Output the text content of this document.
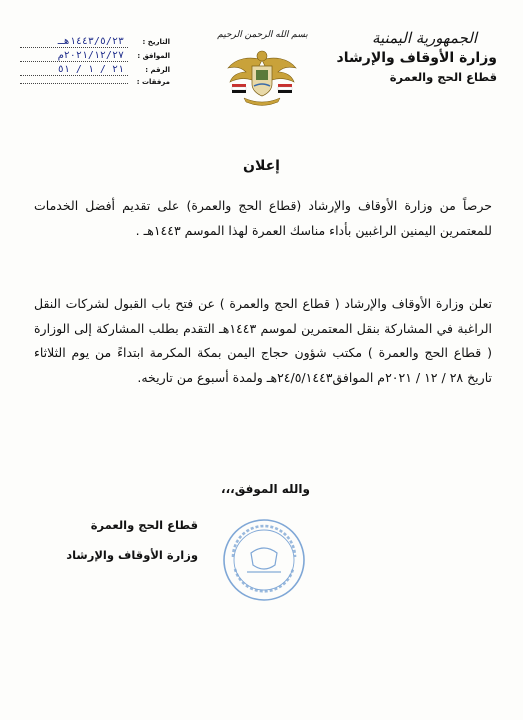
الجمهورية اليمنية
وزارة الأوقاف والإرشاد
قطاع الحج والعمرة
بسم الله الرحمن الرحيم
التاريخ :
١٤٤٣/٥/٢٣هـ
الموافق :
٢٠٢١/١٢/٢٧م
الرقم :
٢١ / ١ / ٥١
مرفقات :
إعلان
حرصاً من وزارة الأوقاف والإرشاد (قطاع الحج والعمرة) على تقديم أفضل الخدمات للمعتمرين اليمنين الراغبين بأداء مناسك العمرة لهذا الموسم ١٤٤٣هـ .
تعلن وزارة الأوقاف والإرشاد ( قطاع الحج والعمرة ) عن فتح باب القبول لشركات النقل الراغبة في المشاركة بنقل المعتمرين لموسم ١٤٤٣هـ التقدم بطلب المشاركة إلى الوزارة ( قطاع الحج والعمرة ) مكتب شؤون حجاج اليمن بمكة المكرمة ابتداءً من يوم الثلاثاء تاريخ ٢٨ / ١٢ / ٢٠٢١م الموافق٢٤/٥/١٤٤٣هـ ولمدة أسبوع من تاريخه.
والله الموفق،،،
قطاع الحج والعمرة
وزارة الأوقاف والإرشاد
